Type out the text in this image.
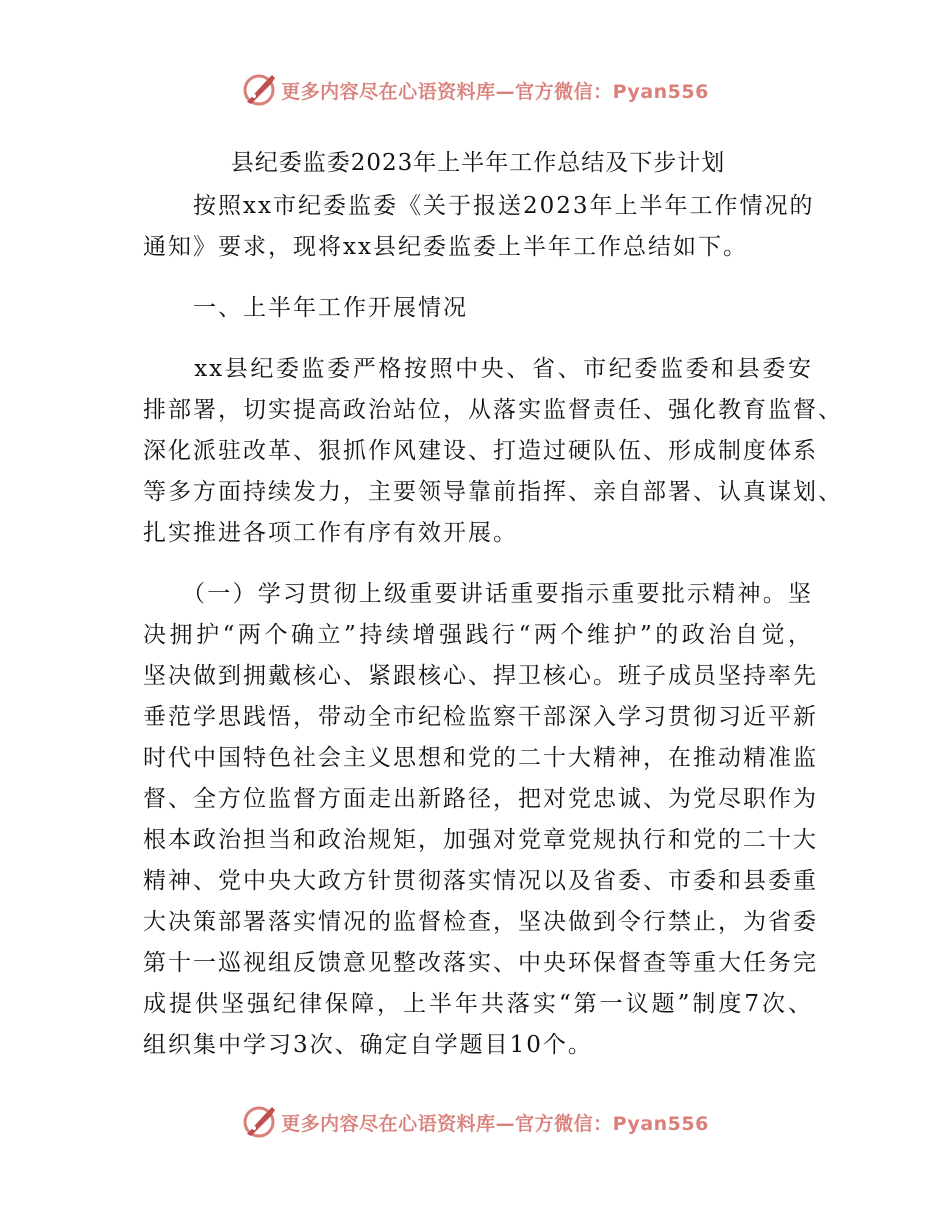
更多内容尽在心语资料库—官方微信：Pyan556
县纪委监委2023年上半年工作总结及下步计划
　　按照xx市纪委监委《关于报送2023年上半年工作情况的
通知》要求，现将xx县纪委监委上半年工作总结如下。
　　一、上半年工作开展情况
　　xx县纪委监委严格按照中央、省、市纪委监委和县委安
排部署，切实提高政治站位，从落实监督责任、强化教育监督、
深化派驻改革、狠抓作风建设、打造过硬队伍、形成制度体系
等多方面持续发力，主要领导靠前指挥、亲自部署、认真谋划、
扎实推进各项工作有序有效开展。
　　（一）学习贯彻上级重要讲话重要指示重要批示精神。坚
决拥护“两个确立”持续增强践行“两个维护”的政治自觉，
坚决做到拥戴核心、紧跟核心、捍卫核心。班子成员坚持率先
垂范学思践悟，带动全市纪检监察干部深入学习贯彻习近平新
时代中国特色社会主义思想和党的二十大精神，在推动精准监
督、全方位监督方面走出新路径，把对党忠诚、为党尽职作为
根本政治担当和政治规矩，加强对党章党规执行和党的二十大
精神、党中央大政方针贯彻落实情况以及省委、市委和县委重
大决策部署落实情况的监督检查，坚决做到令行禁止，为省委
第十一巡视组反馈意见整改落实、中央环保督查等重大任务完
成提供坚强纪律保障，上半年共落实“第一议题”制度7次、
组织集中学习3次、确定自学题目10个。
更多内容尽在心语资料库—官方微信：Pyan556
